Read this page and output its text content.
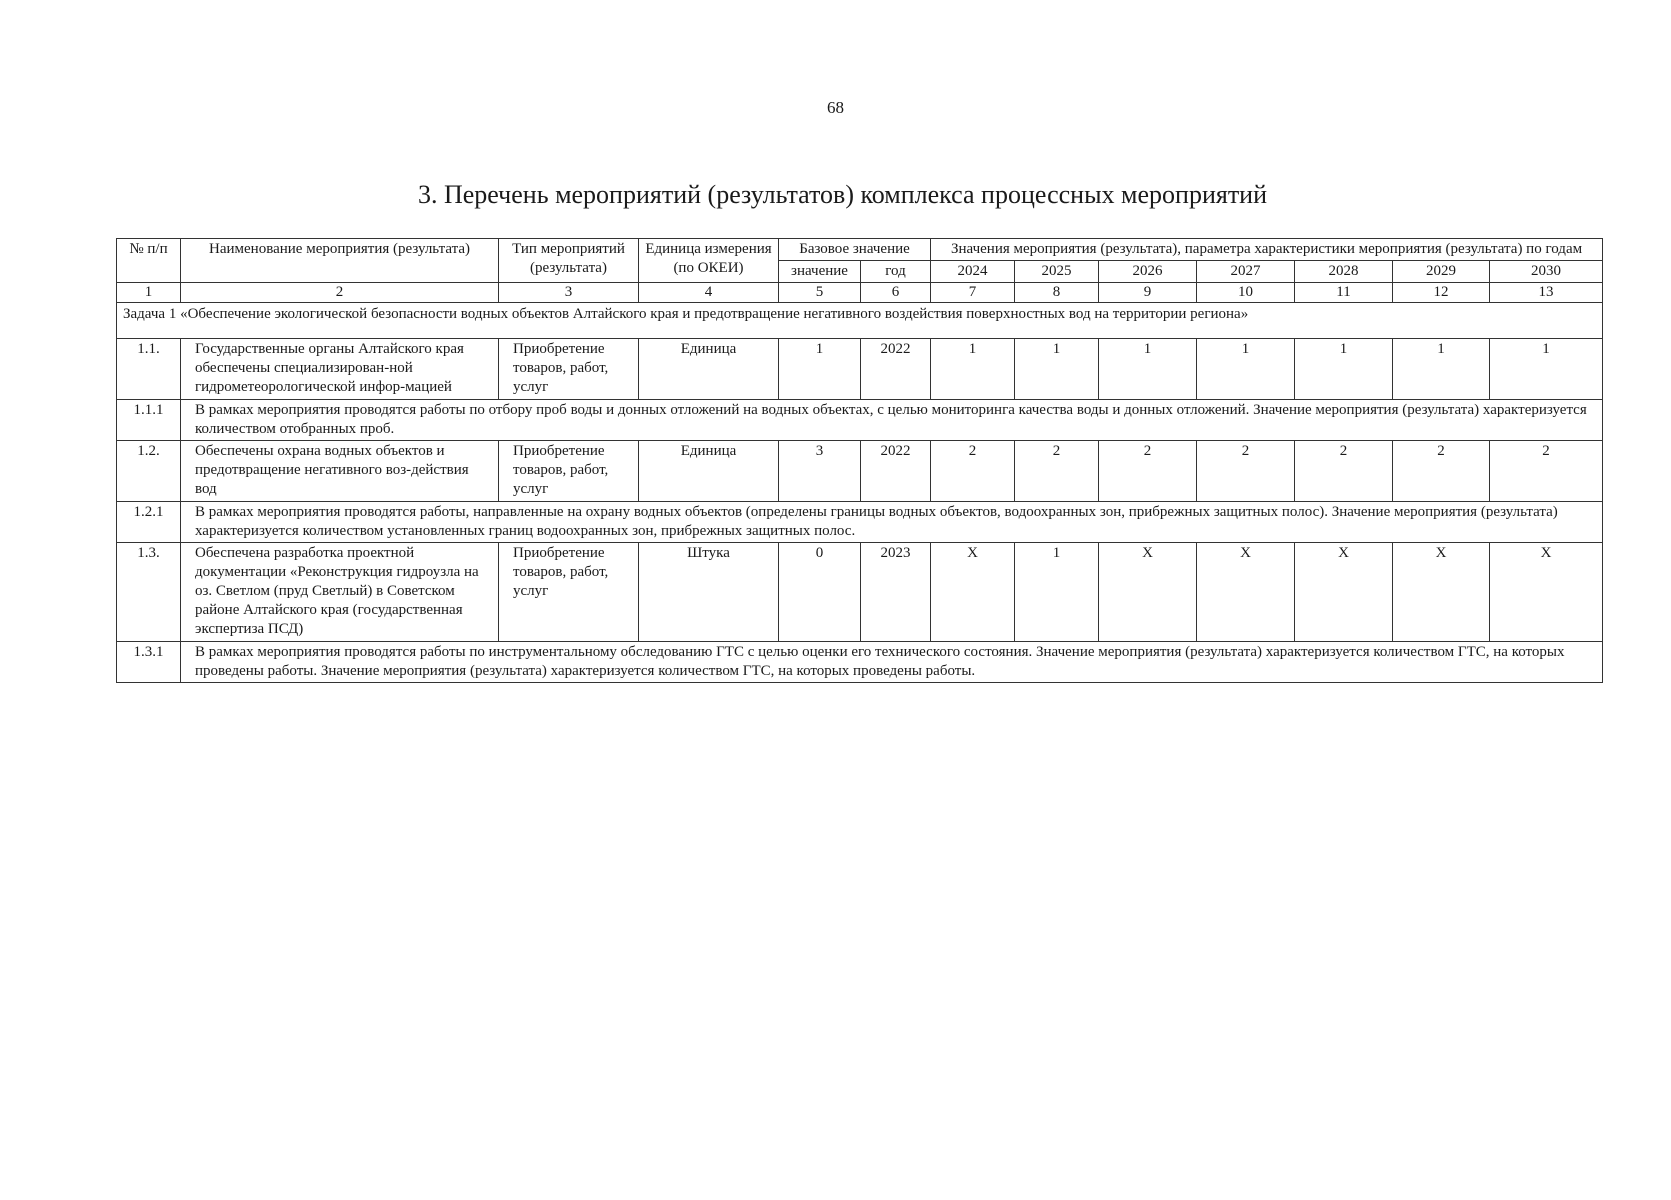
68
3. Перечень мероприятий (результатов) комплекса процессных мероприятий
№ п/п	Наименование мероприятия (результата)	Тип мероприятий (результата)	Единица измерения (по ОКЕИ)	Базовое значение		Значения мероприятия (результата), параметра характеристики мероприятия (результата) по годам						
				значение	год	2024	2025	2026	2027	2028	2029	2030
1	2	3	4	5	6	7	8	9	10	11	12	13
Задача 1 «Обеспечение экологической безопасности водных объектов Алтайского края и предотвращение негативного воздействия поверхностных вод на территории региона»												
1.1.	Государственные органы Алтайского края обеспечены специализирован-ной гидрометеорологической инфор-мацией	Приобретение товаров, работ, услуг	Единица	1	2022	1	1	1	1	1	1	1
1.1.1	В рамках мероприятия проводятся работы по отбору проб воды и донных отложений на водных объектах, с целью мониторинга качества воды и донных отложений. Значение мероприятия (результата) характеризуется количеством отобранных проб.											
1.2.	Обеспечены охрана водных объектов и предотвращение негативного воз-действия вод	Приобретение товаров, работ, услуг	Единица	3	2022	2	2	2	2	2	2	2
1.2.1	В рамках мероприятия проводятся работы, направленные на охрану водных объектов (определены границы водных объектов, водоохранных зон, прибрежных защитных полос). Значение мероприятия (результата) характеризуется количеством установленных границ водоохранных зон, прибрежных защитных полос.											
1.3.	Обеспечена разработка проектной документации «Реконструкция гидроузла на оз. Светлом (пруд Светлый) в Советском районе Алтайского края (государственная экспертиза ПСД)	Приобретение товаров, работ, услуг	Штука	0	2023	X	1	X	X	X	X	X
1.3.1	В рамках мероприятия проводятся работы по инструментальному обследованию ГТС с целью оценки его технического состояния. Значение мероприятия (результата) характеризуется количеством ГТС, на которых проведены работы. Значение мероприятия (результата) характеризуется количеством ГТС, на которых проведены работы.											
